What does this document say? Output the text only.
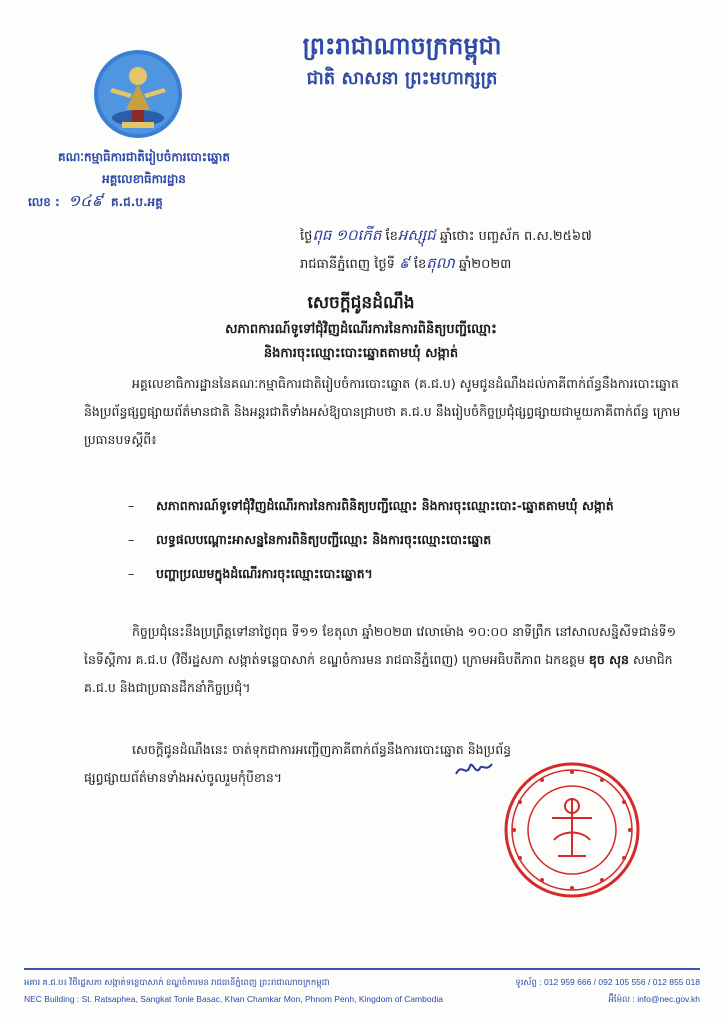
ព្រះរាជាណាចក្រកម្ពុជា
ជាតិ សាសនា ព្រះមហាក្សត្រ
គណៈកម្មាធិការជាតិរៀបចំការបោះឆ្នោត
អគ្គលេខាធិការដ្ឋាន
លេខ : ១៤៩ គ.ជ.ប.អគ្គ
ថ្ងៃពុធ ១០កើត ខែអស្សុជ ឆ្នាំថោះ បញ្ចស័ក ព.ស.២៥៦៧
រាជធានីភ្នំពេញ ថ្ងៃទី ៩ ខែតុលា ឆ្នាំ២០២៣
សេចក្តីជូនដំណឹង
សភាពការណ៍ទូទៅជុំវិញដំណើរការនៃការពិនិត្យបញ្ជីឈ្មោះ
និងការចុះឈ្មោះបោះឆ្នោតតាមឃុំ សង្កាត់

អគ្គលេខាធិការដ្ឋាននៃគណៈកម្មាធិការជាតិរៀបចំការបោះឆ្នោត (គ.ជ.ប) សូមជូនដំណឹងដល់ភាគីពាក់ព័ន្ធនឹងការបោះឆ្នោត និងប្រព័ន្ធផ្សព្វផ្សាយព័ត៌មានជាតិ និងអន្តរជាតិទាំងអស់ឱ្យបានជ្រាបថា គ.ជ.ប នឹងរៀបចំកិច្ចប្រជុំផ្សព្វផ្សាយជាមួយភាគីពាក់ព័ន្ធ ក្រោមប្រធានបទស្តីពី៖

–	សភាពការណ៍ទូទៅជុំវិញដំណើរការនៃការពិនិត្យបញ្ជីឈ្មោះ និងការចុះឈ្មោះបោះ-ឆ្នោតតាមឃុំ សង្កាត់
–	លទ្ធផលបណ្តោះអាសន្ននៃការពិនិត្យបញ្ជីឈ្មោះ និងការចុះឈ្មោះបោះឆ្នោត
–	បញ្ហាប្រឈមក្នុងដំណើរការចុះឈ្មោះបោះឆ្នោត។

កិច្ចប្រជុំនេះនឹងប្រព្រឹត្តទៅនាថ្ងៃពុធ ទី១១ ខែតុលា ឆ្នាំ២០២៣ វេលាម៉ោង ១០:០០ នាទីព្រឹក នៅសាលសន្និសីទជាន់ទី១ នៃទីស្តីការ គ.ជ.ប (វិថីរដ្ឋសភា សង្កាត់ទន្លេបាសាក់ ខណ្ឌចំការមន រាជធានីភ្នំពេញ) ក្រោមអធិបតីភាព ឯកឧត្តម ឌុច សុន សមាជិក គ.ជ.ប និងជាប្រធានដឹកនាំកិច្ចប្រជុំ។

សេចក្តីជូនដំណឹងនេះ ចាត់ទុកជាការអញ្ជើញភាគីពាក់ព័ន្ធនឹងការបោះឆ្នោត និងប្រព័ន្ធផ្សព្វផ្សាយព័ត៌មានទាំងអស់ចូលរួមកុំបីខាន។

អគារ គ.ជ.ប៖ វិថីរដ្ឋសភា សង្កាត់ទន្លេបាសាក់ ខណ្ឌចំការមន រាជធានីភ្នំពេញ ព្រះរាជាណាចក្រកម្ពុជា	ទូរស័ព្ទ : 012 959 666 / 092 105 556 / 012 855 018
NEC Building : St. Ratsaphea, Sangkat Tonle Basac, Khan Chamkar Mon, Phnom Penh, Kingdom of Cambodia	អ៊ីម៉ែល : info@nec.gov.kh
